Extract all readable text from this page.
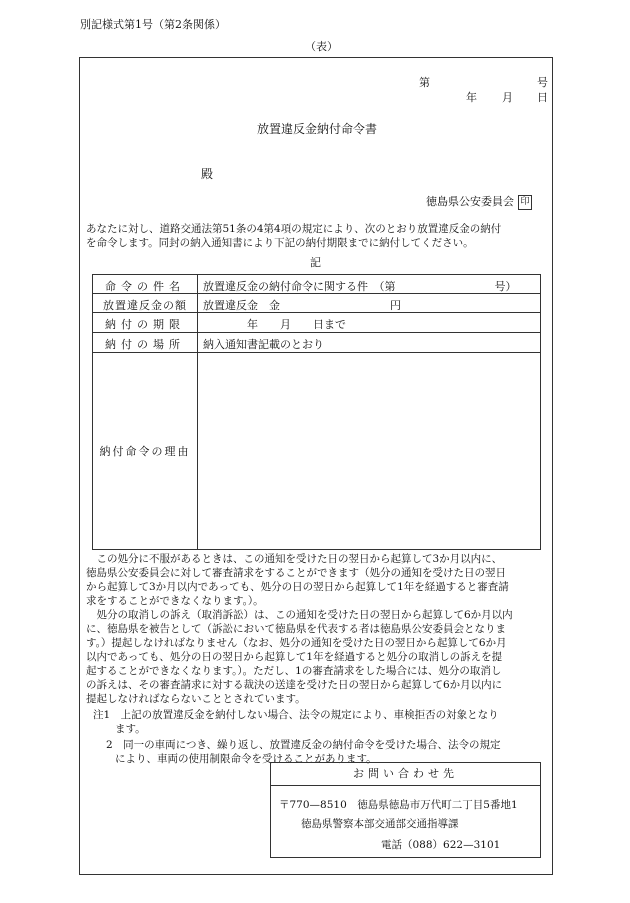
別記様式第1号（第2条関係）
（表）
第	号
年 月 日
放置違反金納付命令書
殿
徳島県公安委員会 印
あなたに対し、道路交通法第51条の4第4項の規定により、次のとおり放置違反金の納付
を命令します。同封の納入通知書により下記の納付期限までに納付してください。
記
命令の件名	放置違反金の納付命令に関する件　（第　　　　　　　　　号）
放置違反金の額	放置違反金　金　　　　　　　　　　円
納付の期限	　　　　年　　月　　日まで
納付の場所	納入通知書記載のとおり
納付命令の理由
　この処分に不服があるときは、この通知を受けた日の翌日から起算して3か月以内に、
徳島県公安委員会に対して審査請求をすることができます（処分の通知を受けた日の翌日
から起算して3か月以内であっても、処分の日の翌日から起算して1年を経過すると審査請
求をすることができなくなります。）。
　処分の取消しの訴え（取消訴訟）は、この通知を受けた日の翌日から起算して6か月以内
に、徳島県を被告として（訴訟において徳島県を代表する者は徳島県公安委員会となりま
す。）提起しなければなりません（なお、処分の通知を受けた日の翌日から起算して6か月
以内であっても、処分の日の翌日から起算して1年を経過すると処分の取消しの訴えを提
起することができなくなります。）。ただし、1の審査請求をした場合には、処分の取消し
の訴えは、その審査請求に対する裁決の送達を受けた日の翌日から起算して6か月以内に
提起しなければならないこととされています。
注1　上記の放置違反金を納付しない場合、法令の規定により、車検拒否の対象となり
ます。
2　同一の車両につき、繰り返し、放置違反金の納付命令を受けた場合、法令の規定
により、車両の使用制限命令を受けることがあります。
お問い合わせ先
〒770—8510　徳島県徳島市万代町二丁目5番地1
徳島県警察本部交通部交通指導課
電話（088）622—3101
